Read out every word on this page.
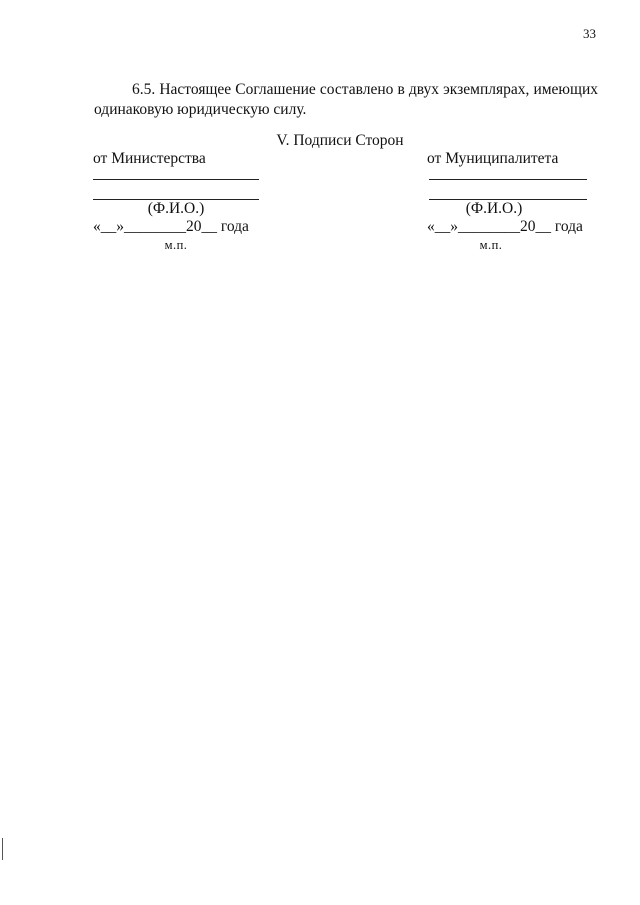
33

6.5. Настоящее Соглашение составлено в двух экземплярах, имеющих одинаковую юридическую силу.

V. Подписи Сторон
от Министерства
(Ф.И.О.)
«__»________20__ года
м.п.
от Муниципалитета
(Ф.И.О.)
«__»________20__ года
м.п.
